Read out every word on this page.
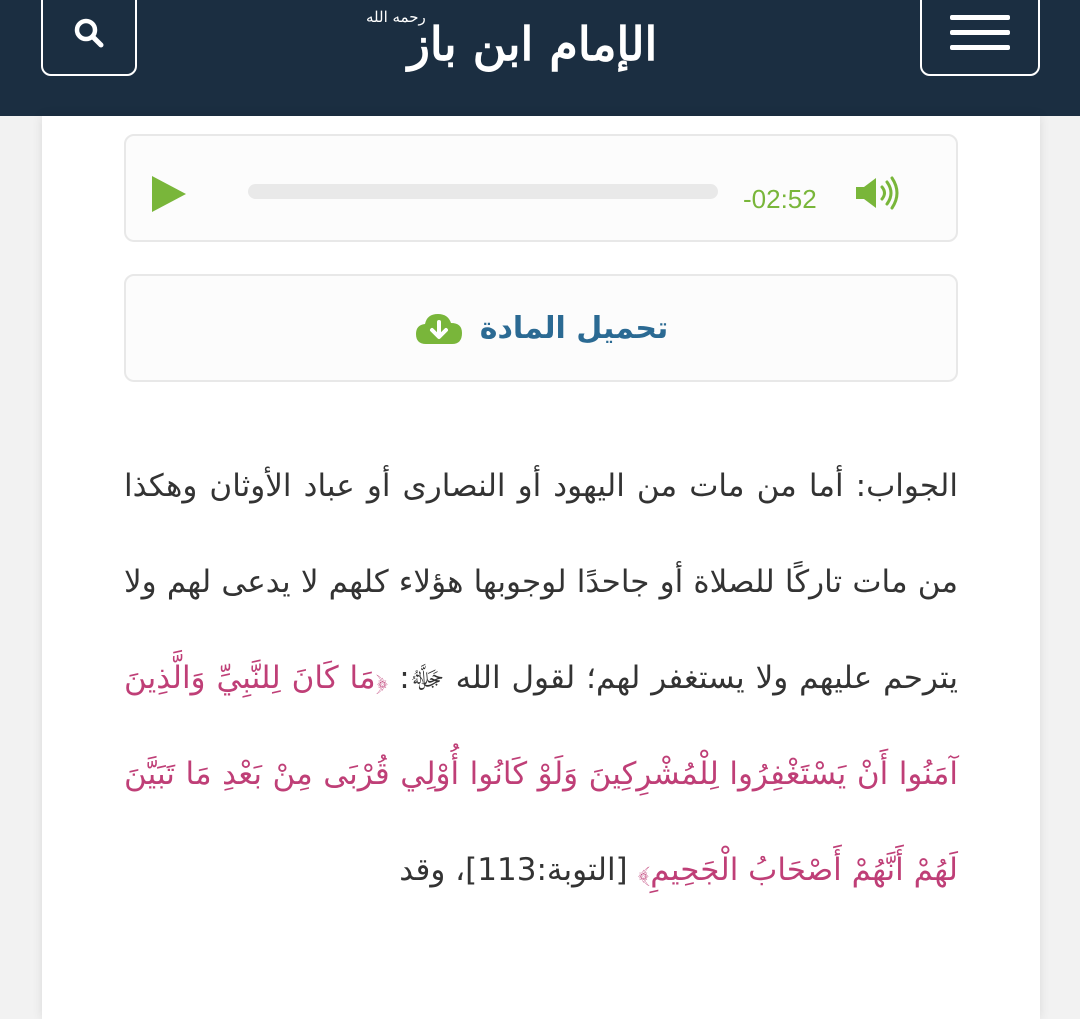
رحمه الله
الإمام ابن باز
-02:52
تحميل المادة
الجواب: أما من مات من اليهود أو النصارى أو عباد الأوثان وهكذا من مات تاركًا للصلاة أو جاحدًا لوجوبها هؤلاء كلهم لا يدعى لهم ولا يترحم عليهم ولا يستغفر لهم؛ لقول الله ﷻ: ﴿مَا كَانَ لِلنَّبِيِّ وَالَّذِينَ آمَنُوا أَنْ يَسْتَغْفِرُوا لِلْمُشْرِكِينَ وَلَوْ كَانُوا أُوْلِي قُرْبَى مِنْ بَعْدِ مَا تَبَيَّنَ لَهُمْ أَنَّهُمْ أَصْحَابُ الْجَحِيمِ﴾ [التوبة:113]، وقد
